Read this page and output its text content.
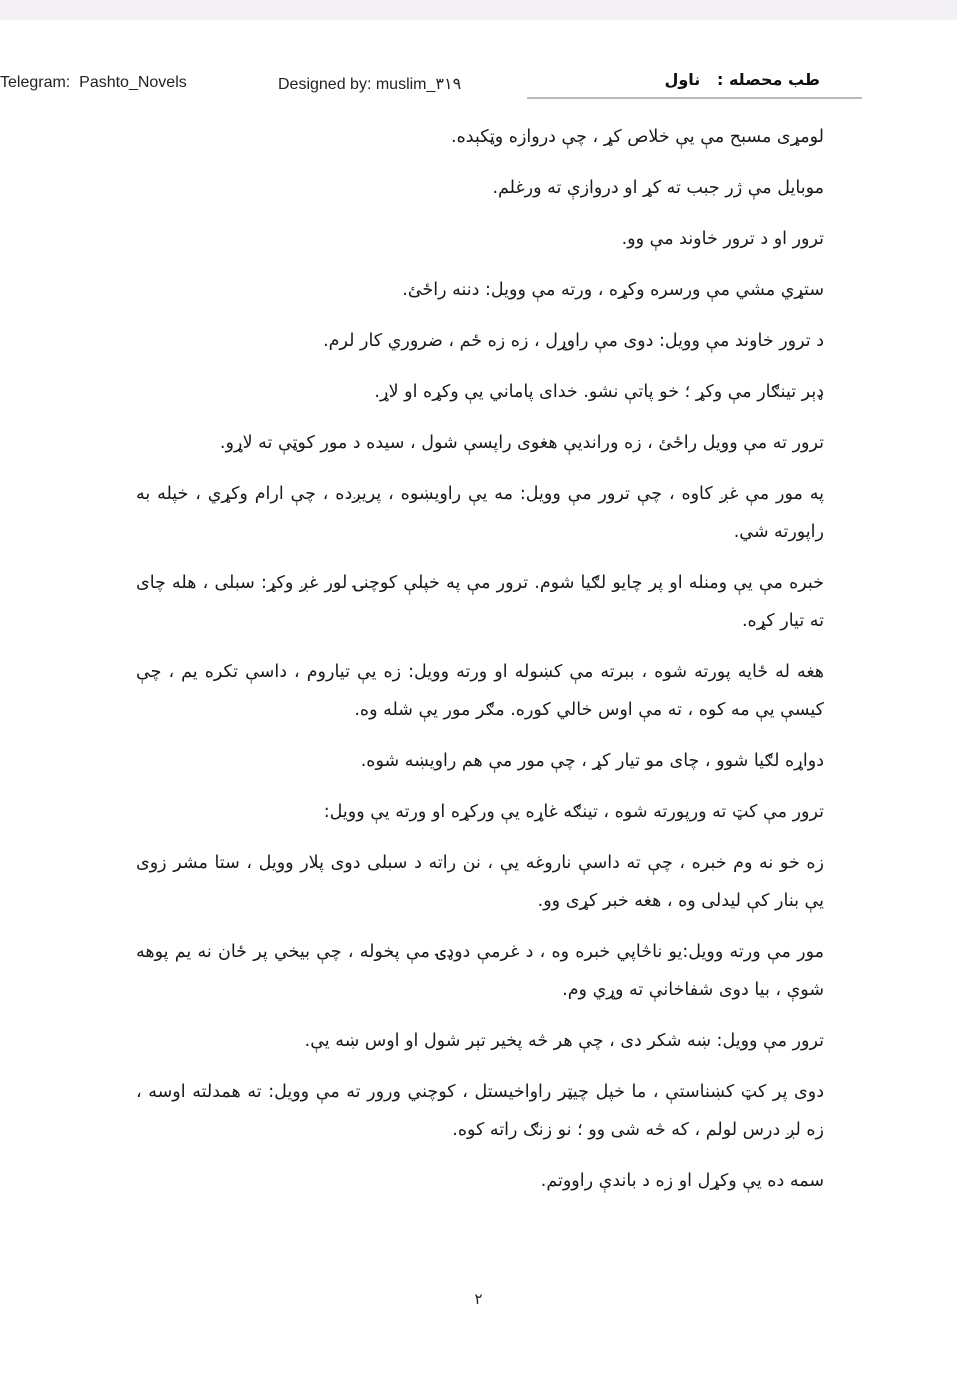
Telegram:  Pashto_Novels	Designed by: muslim_٣١٩	طب محصله :   ناول

لومړی مسبح مې يې خلاص کړ ، چې دروازه وټکېده.

موبايل مې ژر جبب ته کړ او دروازې ته ورغلم.

ترور او د ترور خاوند مې وو.

ستړي مشي مې ورسره وکړه ، ورته مې وويل: دننه راځئ.

د ترور خاوند مې وويل: دوی مې راوړل ، زه زه ځم ، ضروري کار لرم.

ډېر تينګار مې وکړ ؛ خو پاتې نشو. خدای پاماني يې وکړه او لاړ.

ترور ته مې وويل راځئ ، زه ورانديې هغوی راپسې شول ، سيده د مور کوټې ته لاړو.

په مور مې غږ کاوه ، چې ترور مې وويل: مه يې راويښوه ، پريږده ، چې ارام وکړي ، خپله به راپورته شي.

خبره مې يې ومنله او پر چايو لګيا شوم. ترور مې په خپلې کوچنۍ لور غږ وکړ: سبلی ، هله چای ته تيار کړه.

هغه له ځايه پورته شوه ، ببرته مې کښوله او ورته وويل: زه يې تياروم ، داسې تکره يم ، چې کيسې يې مه کوه ، ته مې اوس خالي کوره. مګر مور يې شله وه.

دواړه لګيا شوو ، چای مو تيار کړ ، چې مور مې هم راويښه شوه.

ترور مې کټ ته ورپورته شوه ، تينګه غاړه يې ورکړه او ورته يې وويل:

زه خو نه وم خبره ، چې ته داسې ناروغه يې ، نن راته د سبلی دوی پلار وويل ، ستا مشر زوی يې بنار کې ليدلی وه ، هغه خبر کړی وو.

مور مې ورته وويل:يو ناڅاپي خبره وه ، د غرمې دوډۍ مې پخوله ، چې بيخي پر ځان نه يم پوهه شوې ، بيا دوی شفاخانې ته وړي وم.

ترور مې وويل: ښه شکر دی ، چې هر څه پخير تېر شول او اوس ښه يې.

دوی پر کټ کښناستې ، ما خپل چيټر راواخيستل ، کوچني ورور ته مې وويل: ته همدلته اوسه ، زه لږ درس لولم ، که څه شی وو ؛ نو زنګ راته کوه.

سمه ده يې وکړل او زه د باندې راووتم.

٢
